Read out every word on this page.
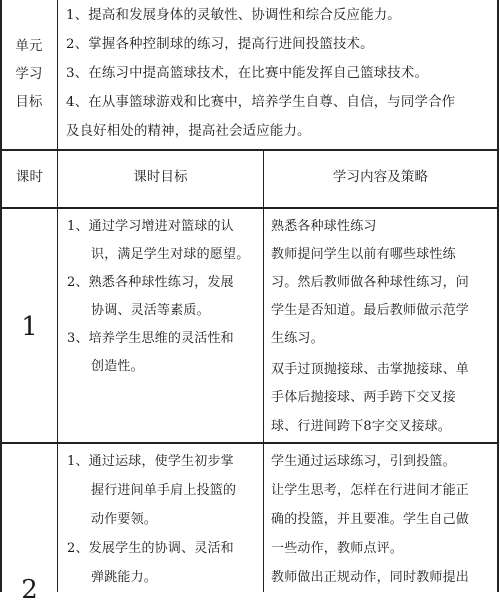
单元
学习
目标
1、提高和发展身体的灵敏性、协调性和综合反应能力。
2、掌握各种控制球的练习，提高行进间投篮技术。
3、在练习中提高篮球技术，在比赛中能发挥自己篮球技术。
4、在从事篮球游戏和比赛中，培养学生自尊、自信，与同学合作
及良好相处的精神，提高社会适应能力。
课时	课时目标	学习内容及策略
1
1、通过学习增进对篮球的认
识，满足学生对球的愿望。
2、熟悉各种球性练习，发展
协调、灵活等素质。
3、培养学生思维的灵活性和
创造性。
熟悉各种球性练习
教师提问学生以前有哪些球性练
习。然后教师做各种球性练习，问
学生是否知道。最后教师做示范学
生练习。
双手过顶抛接球、击掌抛接球、单
手体后抛接球、两手跨下交叉接
球、行进间跨下8字交叉接球。
2
1、通过运球，使学生初步掌
握行进间单手肩上投篮的
动作要领。
2、发展学生的协调、灵活和
弹跳能力。
学生通过运球练习，引到投篮。
让学生思考，怎样在行进间才能正
确的投篮，并且要准。学生自己做
一些动作，教师点评。
教师做出正规动作，同时教师提出
